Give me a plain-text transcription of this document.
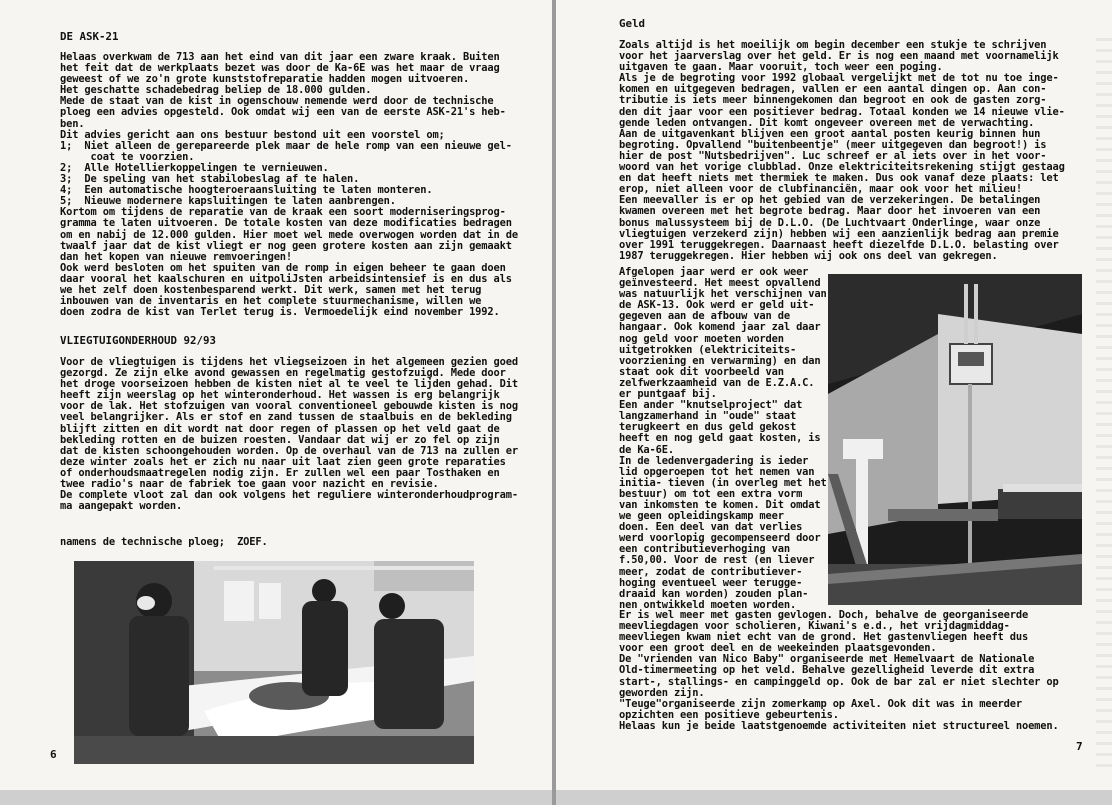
DE ASK-21
Helaas overkwam de 713 aan het eind van dit jaar een zware kraak. Buiten
het feit dat de werkplaats bezet was door de Ka-6E was het maar de vraag
geweest of we zo'n grote kunststofreparatie hadden mogen uitvoeren.
Het geschatte schadebedrag beliep de 18.000 gulden.
Mede de staat van de kist in ogenschouw nemende werd door de technische
ploeg een advies opgesteld. Ook omdat wij een van de eerste ASK-21's heb-
ben.
Dit advies gericht aan ons bestuur bestond uit een voorstel om;
1;  Niet alleen de gerepareerde plek maar de hele romp van een nieuwe gel-
coat te voorzien.
2;  Alle Hotellierkoppelingen te vernieuwen.
3;  De speling van het stabilobeslag af te halen.
4;  Een automatische hoogteroeraansluiting te laten monteren.
5;  Nieuwe modernere kapsluitingen te laten aanbrengen.
Kortom om tijdens de reparatie van de kraak een soort moderniseringsprog-
gramma te laten uitvoeren. De totale kosten van deze modificaties bedragen
om en nabij de 12.000 gulden. Hier moet wel mede overwogen worden dat in de
twaalf jaar dat de kist vliegt er nog geen grotere kosten aan zijn gemaakt
dan het kopen van nieuwe remvoeringen!
Ook werd besloten om het spuiten van de romp in eigen beheer te gaan doen
daar vooral het kaalschuren en uitpoliJsten arbeidsintensief is en dus als
we het zelf doen kostenbesparend werkt. Dit werk, samen met het terug
inbouwen van de inventaris en het complete stuurmechanisme, willen we
doen zodra de kist van Terlet terug is. Vermoedelijk eind november 1992.
VLIEGTUIGONDERHOUD 92/93
Voor de vliegtuigen is tijdens het vliegseizoen in het algemeen gezien goed
gezorgd. Ze zijn elke avond gewassen en regelmatig gestofzuigd. Mede door
het droge voorseizoen hebben de kisten niet al te veel te lijden gehad. Dit
heeft zijn weerslag op het winteronderhoud. Het wassen is erg belangrijk
voor de lak. Het stofzuigen van vooral conventioneel gebouwde kisten is nog
veel belangrijker. Als er stof en zand tussen de staalbuis en de bekleding
blijft zitten en dit wordt nat door regen of plassen op het veld gaat de
bekleding rotten en de buizen roesten. Vandaar dat wij er zo fel op zijn
dat de kisten schoongehouden worden. Op de overhaul van de 713 na zullen er
deze winter zoals het er zich nu naar uit laat zien geen grote reparaties
of onderhoudsmaatregelen nodig zijn. Er zullen wel een paar Tosthaken en
twee radio's naar de fabriek toe gaan voor nazicht en revisie.
De complete vloot zal dan ook volgens het reguliere winteronderhoudprogram-
ma aangepakt worden.
namens de technische ploeg;  ZOEF.
6
Geld
Zoals altijd is het moeilijk om begin december een stukje te schrijven
voor het jaarverslag over het geld. Er is nog een maand met voornamelijk
uitgaven te gaan. Maar vooruit, toch weer een poging.
Als je de begroting voor 1992 globaal vergelijkt met de tot nu toe inge-
komen en uitgegeven bedragen, vallen er een aantal dingen op. Aan con-
tributie is iets meer binnengekomen dan begroot en ook de gasten zorg-
den dit jaar voor een positiever bedrag. Totaal konden we 14 nieuwe vlie-
gende leden ontvangen. Dit komt ongeveer overeen met de verwachting.
Aan de uitgavenkant blijven een groot aantal posten keurig binnen hun
begroting. Opvallend "buitenbeentje" (meer uitgegeven dan begroot!) is
hier de post "Nutsbedrijven". Luc schreef er al iets over in het voor-
woord van het vorige clubblad. Onze elektriciteitsrekening stijgt gestaag
en dat heeft niets met thermiek te maken. Dus ook vanaf deze plaats: let
erop, niet alleen voor de clubfinanciën, maar ook voor het milieu!
Een meevaller is er op het gebied van de verzekeringen. De betalingen
kwamen overeen met het begrote bedrag. Maar door het invoeren van een
bonus malussysteem bij de D.L.O. (De Luchtvaart Onderlinge, waar onze
vliegtuigen verzekerd zijn) hebben wij een aanzienlijk bedrag aan premie
over 1991 teruggekregen. Daarnaast heeft diezelfde D.L.O. belasting over
1987 teruggekregen. Hier hebben wij ook ons deel van gekregen.
Afgelopen jaar werd er ook weer
geïnvesteerd. Het meest opvallend
was natuurlijk het verschijnen van
de ASK-13. Ook werd er geld uit-
gegeven aan de afbouw van de
hangaar. Ook komend jaar zal daar
nog geld voor moeten worden
uitgetrokken (elektriciteits-
voorziening en verwarming) en dan
staat ook dit voorbeeld van
zelfwerkzaamheid van de E.Z.A.C.
er puntgaaf bij.
Een ander "knutselproject" dat
langzamerhand in "oude" staat
terugkeert en dus geld gekost
heeft en nog geld gaat kosten, is
de Ka-6E.
In de ledenvergadering is ieder
lid opgeroepen tot het nemen van
initia- tieven (in overleg met het
bestuur) om tot een extra vorm
van inkomsten te komen. Dit omdat
we geen opleidingskamp meer
doen. Een deel van dat verlies
werd voorlopig gecompenseerd door
een contributieverhoging van
f.50,00. Voor de rest (en liever
meer, zodat de contributiever-
hoging eventueel weer terugge-
draaid kan worden) zouden plan-
nen ontwikkeld moeten worden.
Er is wel meer met gasten gevlogen. Doch, behalve de georganiseerde
meevliegdagen voor scholieren, Kiwani's e.d., het vrijdagmiddag-
meevliegen kwam niet echt van de grond. Het gastenvliegen heeft dus
voor een groot deel en de weekeinden plaatsgevonden.
De "vrienden van Nico Baby" organiseerde met Hemelvaart de Nationale
Old-timermeeting op het veld. Behalve gezelligheid leverde dit extra
start-, stallings- en campinggeld op. Ook de bar zal er niet slechter op
geworden zijn.
"Teuge"organiseerde zijn zomerkamp op Axel. Ook dit was in meerder
opzichten een positieve gebeurtenis.
Helaas kun je beide laatstgenoemde activiteiten niet structureel noemen.
7
